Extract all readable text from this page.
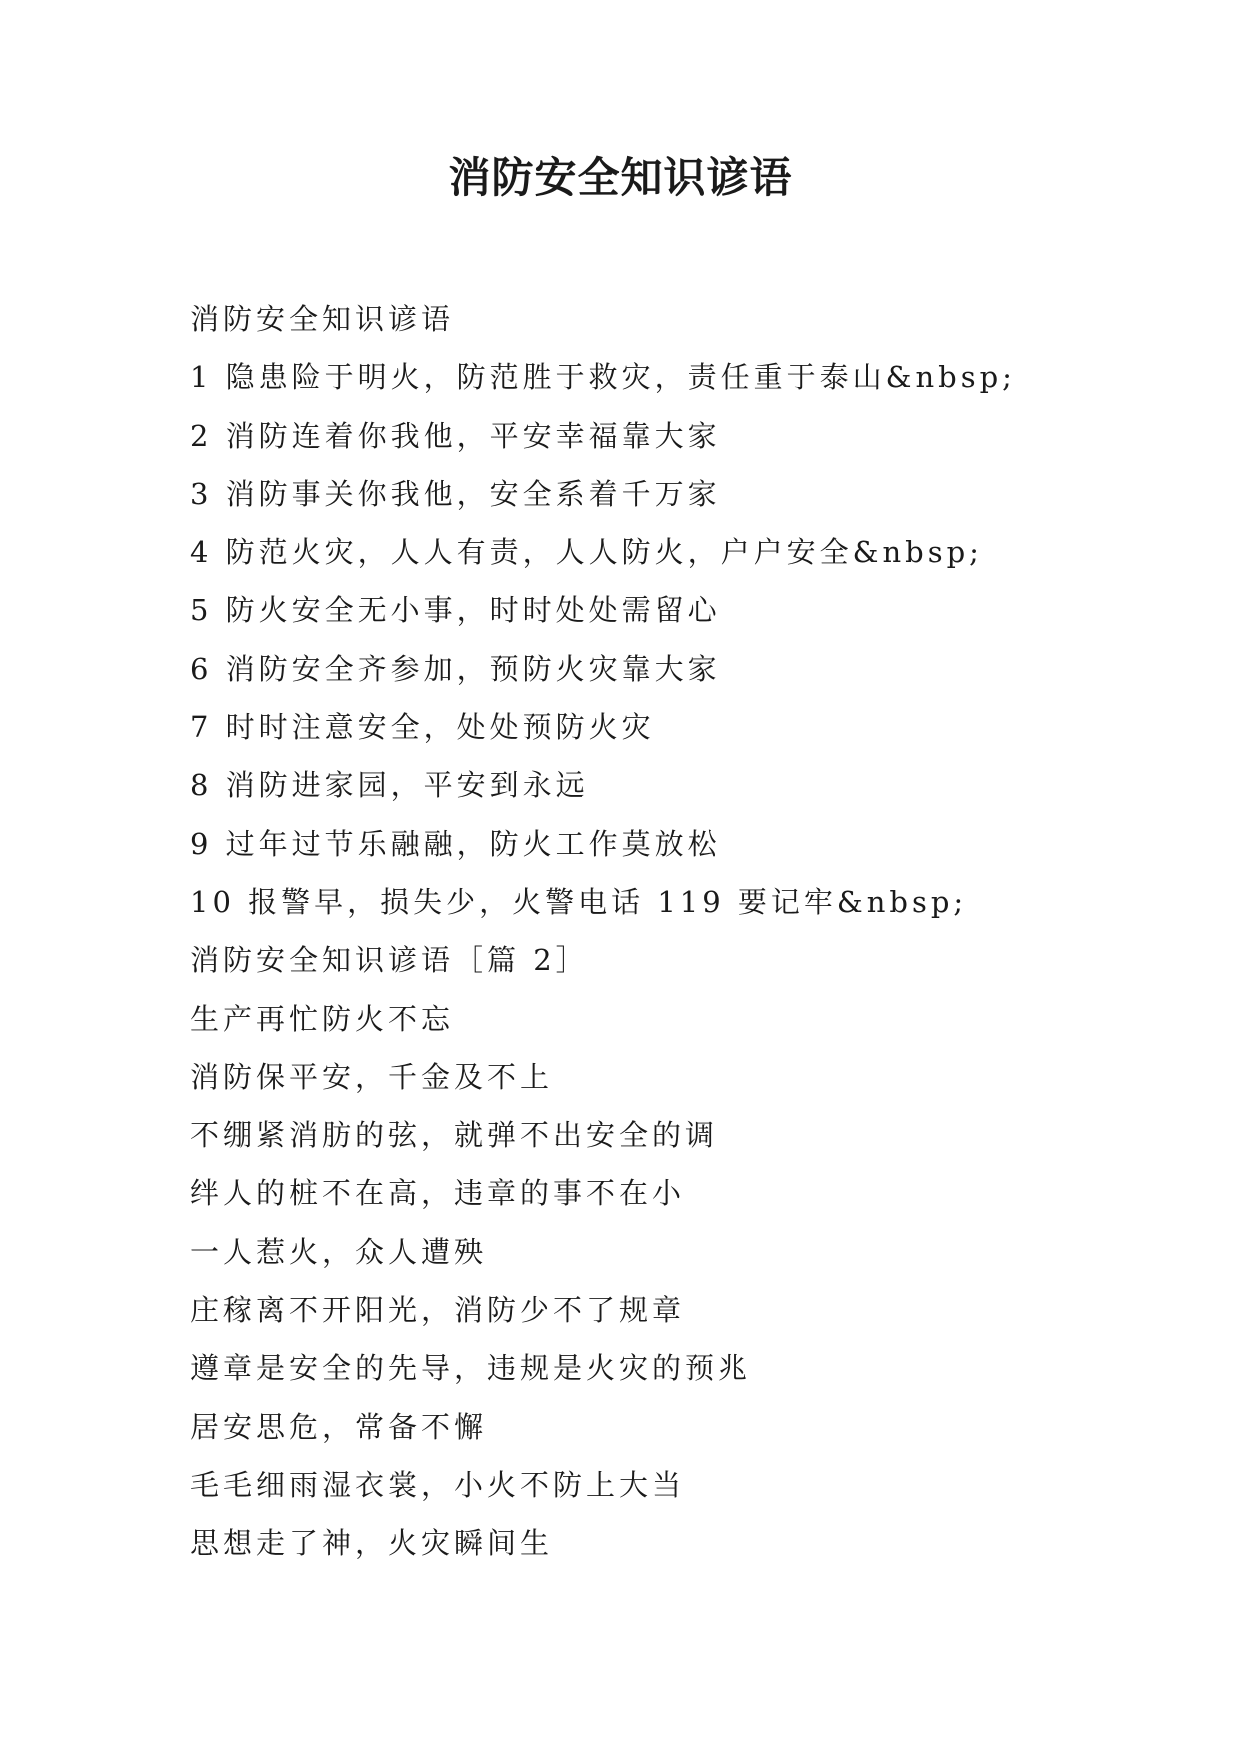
消防安全知识谚语
消防安全知识谚语
1 隐患险于明火，防范胜于救灾，责任重于泰山&nbsp;
2 消防连着你我他，平安幸福靠大家
3 消防事关你我他，安全系着千万家
4 防范火灾，人人有责，人人防火，户户安全&nbsp;
5 防火安全无小事，时时处处需留心
6 消防安全齐参加，预防火灾靠大家
7 时时注意安全，处处预防火灾
8 消防进家园，平安到永远
9 过年过节乐融融，防火工作莫放松
10 报警早，损失少，火警电话 119 要记牢&nbsp;
消防安全知识谚语［篇 2］
生产再忙防火不忘
消防保平安，千金及不上
不绷紧消肪的弦，就弹不出安全的调
绊人的桩不在高，违章的事不在小
一人惹火，众人遭殃
庄稼离不开阳光，消防少不了规章
遵章是安全的先导，违规是火灾的预兆
居安思危，常备不懈
毛毛细雨湿衣裳，小火不防上大当
思想走了神，火灾瞬间生
